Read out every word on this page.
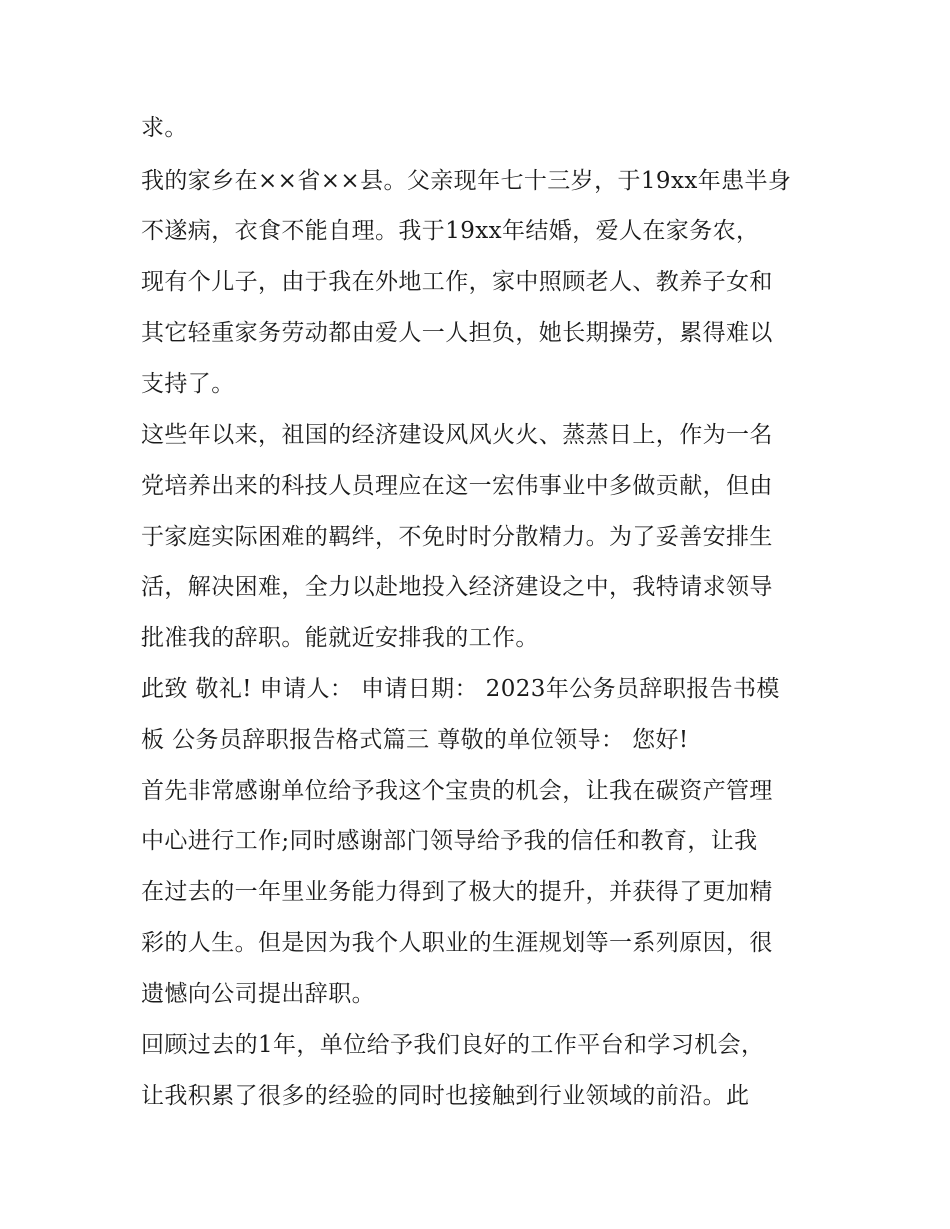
求。
我的家乡在××省××县。父亲现年七十三岁，于19xx年患半身
不遂病，衣食不能自理。我于19xx年结婚，爱人在家务农，
现有个儿子，由于我在外地工作，家中照顾老人、教养子女和
其它轻重家务劳动都由爱人一人担负，她长期操劳，累得难以
支持了。
这些年以来，祖国的经济建设风风火火、蒸蒸日上，作为一名
党培养出来的科技人员理应在这一宏伟事业中多做贡献，但由
于家庭实际困难的羁绊，不免时时分散精力。为了妥善安排生
活，解决困难，全力以赴地投入经济建设之中，我特请求领导
批准我的辞职。能就近安排我的工作。
此致 敬礼! 申请人： 申请日期： 2023年公务员辞职报告书模
板 公务员辞职报告格式篇三 尊敬的单位领导： 您好!
首先非常感谢单位给予我这个宝贵的机会，让我在碳资产管理
中心进行工作;同时感谢部门领导给予我的信任和教育，让我
在过去的一年里业务能力得到了极大的提升，并获得了更加精
彩的人生。但是因为我个人职业的生涯规划等一系列原因，很
遗憾向公司提出辞职。
回顾过去的1年，单位给予我们良好的工作平台和学习机会，
让我积累了很多的经验的同时也接触到行业领域的前沿。此
